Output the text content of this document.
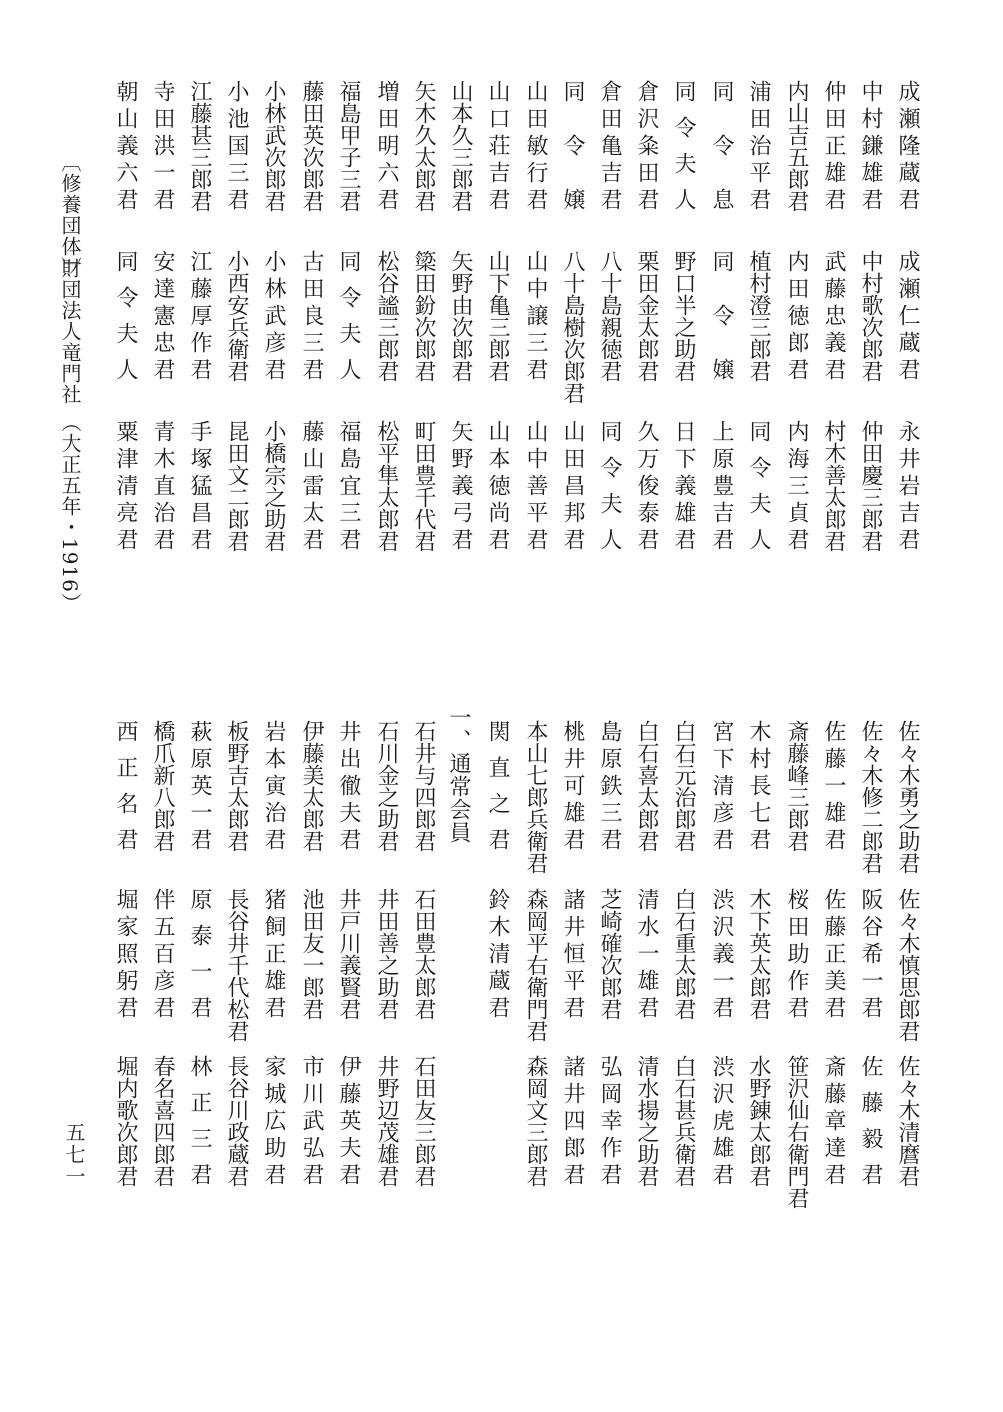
成瀬隆蔵君
成瀬仁蔵君
永井岩吉君
中村鎌雄君
中村歌次郎君
仲田慶三郎君
仲田正雄君
武藤忠義君
村木善太郎君
内山吉五郎君
内田徳郎君
内海三貞君
浦田治平君
植村澄三郎君
同令夫人
同令息
同令嬢
上原豊吉君
同令夫人
野口半之助君
日下義雄君
倉沢粂田君
栗田金太郎君
久万俊泰君
倉田亀吉君
八十島親徳君
同令夫人
同令嬢
八十島樹次郎君
山田昌邦君
山田敏行君
山中譲三君
山中善平君
山口荘吉君
山下亀三郎君
山本徳尚君
山本久三郎君
矢野由次郎君
矢野義弓君
矢木久太郎君
簗田鈖次郎君
町田豊千代君
増田明六君
松谷謐三郎君
松平隼太郎君
福島甲子三君
同令夫人
福島宜三君
藤田英次郎君
古田良三君
藤山雷太君
小林武次郎君
小林武彦君
小橋宗之助君
小池国三君
小西安兵衛君
昆田文二郎君
江藤甚三郎君
江藤厚作君
手塚猛昌君
寺田洪一君
安達憲忠君
青木直治君
朝山義六君
同令夫人
粟津清亮君
佐々木勇之助君
佐々木慎思郎君
佐々木清麿君
佐々木修二郎君
阪谷希一君
佐藤毅君
佐藤一雄君
佐藤正美君
斎藤章達君
斎藤峰三郎君
桜田助作君
笹沢仙右衛門君
木村長七君
木下英太郎君
水野錬太郎君
宮下清彦君
渋沢義一君
渋沢虎雄君
白石元治郎君
白石重太郎君
白石甚兵衛君
白石喜太郎君
清水一雄君
清水揚之助君
島原鉄三君
芝崎確次郎君
弘岡幸作君
桃井可雄君
諸井恒平君
諸井四郎君
本山七郎兵衛君
森岡平右衛門君
森岡文三郎君
関直之君
鈴木清蔵君
石井与四郎君
石田豊太郎君
石田友三郎君
石川金之助君
井田善之助君
井野辺茂雄君
井出徹夫君
井戸川義賢君
伊藤英夫君
伊藤美太郎君
池田友一郎君
市川武弘君
岩本寅治君
猪飼正雄君
家城広助君
板野吉太郎君
長谷井千代松君
長谷川政蔵君
萩原英一君
原泰一君
林正三君
橋爪新八郎君
伴五百彦君
春名喜四郎君
西正名君
堀家照躬君
堀内歌次郎君
一、通常会員
〔修養団体〕
財団法人竜門社
（大正五年・1916）
五七一
